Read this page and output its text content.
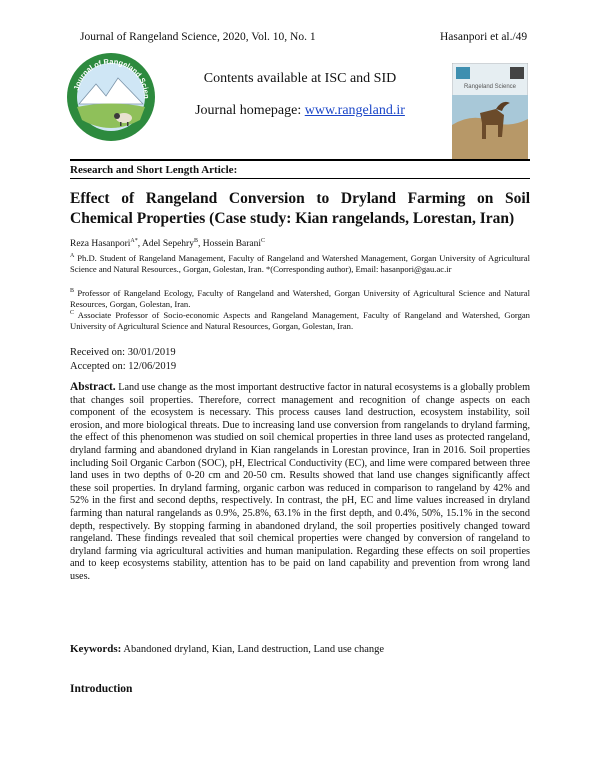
Journal of Rangeland Science, 2020, Vol. 10, No. 1	Hasanpori et al./49
Journal of Rangeland Scien
Contents available at ISC and SID
Journal homepage: www.rangeland.ir
Rangeland Science
Research and Short Length Article:
Effect of Rangeland Conversion to Dryland Farming on Soil Chemical Properties (Case study: Kian rangelands, Lorestan, Iran)
Reza Hasanpori$^{A*}$, Adel Sepehry$^B$, Hossein Barani$^C$
$^A$ Ph.D. Student of Rangeland Management, Faculty of Rangeland and Watershed Management, Gorgan University of Agricultural Science and Natural Resources., Gorgan, Golestan, Iran. *(Corresponding author), Email: hasanpori@gau.ac.ir
$^B$ Professor of Rangeland Ecology, Faculty of Rangeland and Watershed, Gorgan University of Agricultural Science and Natural Resources, Gorgan, Golestan, Iran.
$^C$ Associate Professor of Socio-economic Aspects and Rangeland Management, Faculty of Rangeland and Watershed, Gorgan University of Agricultural Science and Natural Resources, Gorgan, Golestan, Iran.
Received on: 30/01/2019
Accepted on: 12/06/2019
Abstract. Land use change as the most important destructive factor in natural ecosystems is a globally problem that changes soil properties. Therefore, correct management and recognition of change aspects on each component of the ecosystem is necessary. This process causes land destruction, ecosystem instability, soil erosion, and more biological threats. Due to increasing land use conversion from rangelands to dryland farming, the effect of this phenomenon was studied on soil chemical properties in three land uses as protected rangeland, dryland farming and abandoned dryland in Kian rangelands in Lorestan province, Iran in 2016. Soil properties including Soil Organic Carbon (SOC), pH, Electrical Conductivity (EC), and lime were compared between three land uses in two depths of 0-20 cm and 20-50 cm. Results showed that land use changes significantly affect these soil properties. In dryland farming, organic carbon was reduced in comparison to rangeland by 42% and 52% in the first and second depths, respectively. In contrast, the pH, EC and lime values increased in dryland farming than natural rangelands as 0.9%, 25.8%, 63.1% in the first depth, and 0.4%, 50%, 15.1% in the second depth, respectively. By stopping farming in abandoned dryland, the soil properties positively changed toward rangeland. These findings revealed that soil chemical properties were changed by conversion of rangeland to dryland farming via agricultural activities and human manipulation. Regarding these effects on soil properties and to keep ecosystems stability, attention has to be paid on land capability and prevention from wrong land uses.
Keywords: Abandoned dryland, Kian, Land destruction, Land use change
Introduction
